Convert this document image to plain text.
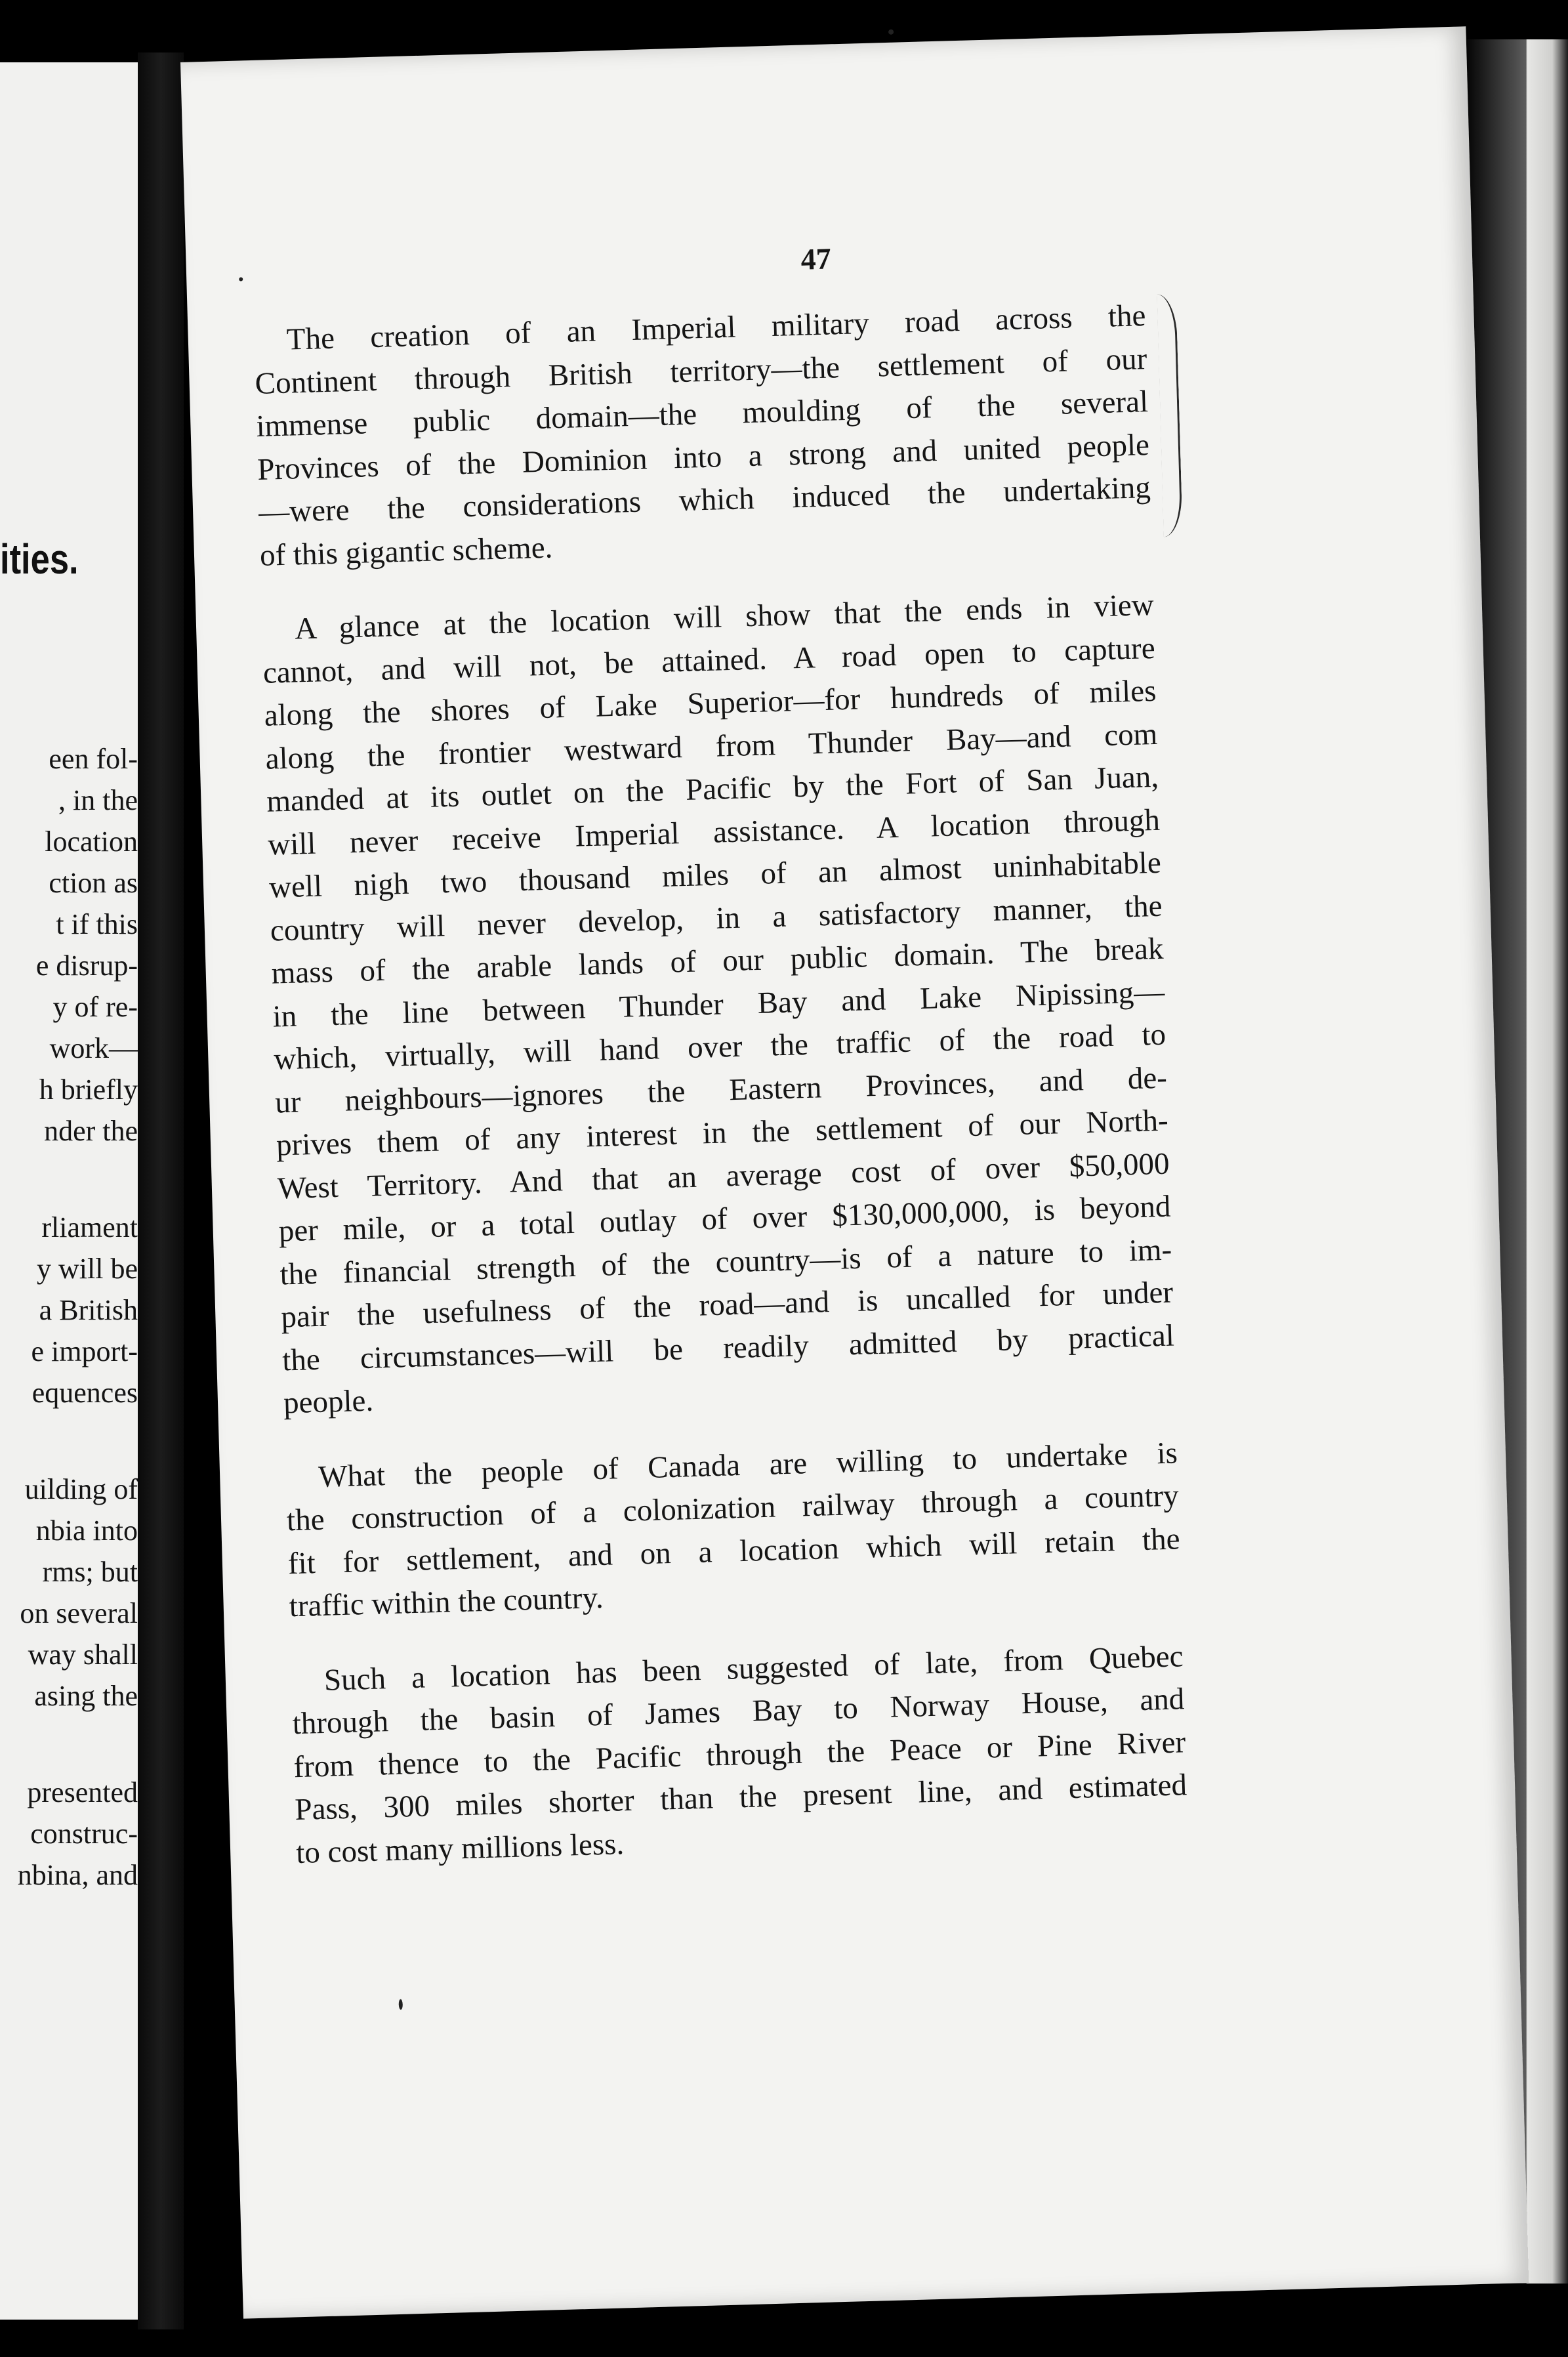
ities.
een fol-
, in the
location
ction as
t if this
e disrup-
y of re-
work—
h briefly
nder the
rliament
y will be
a British
e import-
equences
uilding of
nbia into
rms; but
on several
way shall
asing the
presented
construc-
nbina, and
47
The creation of an Imperial military road across the
Continent through British territory—the settlement of our
immense public domain—the moulding of the several
Provinces of the Dominion into a strong and united people
—were the considerations which induced the undertaking
of this gigantic scheme.
A glance at the location will show that the ends in view
cannot, and will not, be attained. A road open to capture
along the shores of Lake Superior—for hundreds of miles
along the frontier westward from Thunder Bay—and com
manded at its outlet on the Pacific by the Fort of San Juan,
will never receive Imperial assistance. A location through
well nigh two thousand miles of an almost uninhabitable
country will never develop, in a satisfactory manner, the
mass of the arable lands of our public domain. The break
in the line between Thunder Bay and Lake Nipissing—
which, virtually, will hand over the traffic of the road to
ur neighbours—ignores the Eastern Provinces, and de-
prives them of any interest in the settlement of our North-
West Territory. And that an average cost of over $50,000
per mile, or a total outlay of over $130,000,000, is beyond
the financial strength of the country—is of a nature to im-
pair the usefulness of the road—and is uncalled for under
the circumstances—will be readily admitted by practical
people.
What the people of Canada are willing to undertake is
the construction of a colonization railway through a country
fit for settlement, and on a location which will retain the
traffic within the country.
Such a location has been suggested of late, from Quebec
through the basin of James Bay to Norway House, and
from thence to the Pacific through the Peace or Pine River
Pass, 300 miles shorter than the present line, and estimated
to cost many millions less.
